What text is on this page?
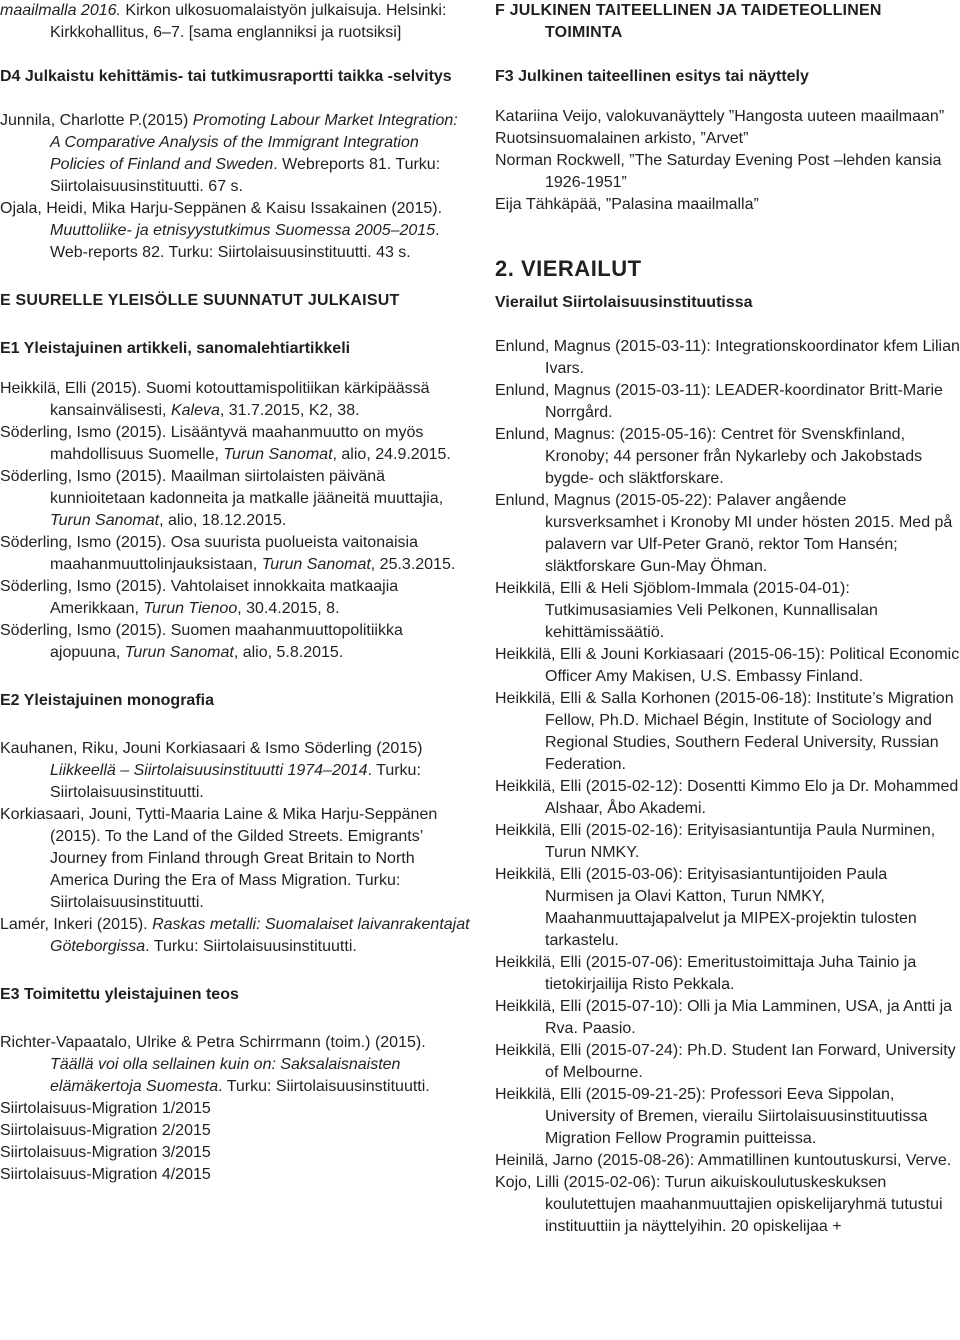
maailmalla 2016. Kirkon ulkosuomalaistyön julkaisuja. Helsinki: Kirkkohallitus, 6–7. [sama englanniksi ja ruotsiksi]
D4 Julkaistu kehittämis- tai tutkimusraportti taikka -selvitys
Junnila, Charlotte P.(2015) Promoting Labour Market Integration: A Comparative Analysis of the Immigrant Integration Policies of Finland and Sweden. Webreports 81. Turku: Siirtolaisuusinstituutti. 67 s.
Ojala, Heidi, Mika Harju-Seppänen & Kaisu Issakainen (2015). Muuttoliike- ja etnisyystutkimus Suomessa 2005‒2015. Web-reports 82. Turku: Siirtolaisuusinstituutti. 43 s.
E SUURELLE YLEISÖLLE SUUNNATUT JULKAISUT
E1 Yleistajuinen artikkeli, sanomalehtiartikkeli
Heikkilä, Elli (2015). Suomi kotouttamispolitiikan kärkipäässä kansainvälisesti, Kaleva, 31.7.2015, K2, 38.
Söderling, Ismo (2015). Lisääntyvä maahanmuutto on myös mahdollisuus Suomelle, Turun Sanomat, alio, 24.9.2015.
Söderling, Ismo (2015). Maailman siirtolaisten päivänä kunnioitetaan kadonneita ja matkalle jääneitä muuttajia, Turun Sanomat, alio, 18.12.2015.
Söderling, Ismo (2015). Osa suurista puolueista vaitonaisia maahanmuuttolinjauksistaan, Turun Sanomat, 25.3.2015.
Söderling, Ismo (2015). Vahtolaiset innokkaita matkaajia Amerikkaan, Turun Tienoo, 30.4.2015, 8.
Söderling, Ismo (2015). Suomen maahanmuuttopolitiikka ajopuuna, Turun Sanomat, alio, 5.8.2015.
E2 Yleistajuinen monografia
Kauhanen, Riku, Jouni Korkiasaari & Ismo Söderling (2015) Liikkeellä ‒ Siirtolaisuusinstituutti 1974‒2014. Turku: Siirtolaisuusinstituutti.
Korkiasaari, Jouni, Tytti-Maaria Laine & Mika Harju-Seppänen (2015). To the Land of the Gilded Streets. Emigrants’ Journey from Finland through Great Britain to North America During the Era of Mass Migration. Turku: Siirtolaisuusinstituutti.
Lamér, Inkeri (2015). Raskas metalli: Suomalaiset laivanrakentajat Göteborgissa. Turku: Siirtolaisuusinstituutti.
E3 Toimitettu yleistajuinen teos
Richter-Vapaatalo, Ulrike & Petra Schirrmann (toim.) (2015). Täällä voi olla sellainen kuin on: Saksalaisnaisten elämäkertoja Suomesta. Turku: Siirtolaisuusinstituutti.
Siirtolaisuus-Migration 1/2015
Siirtolaisuus-Migration 2/2015
Siirtolaisuus-Migration 3/2015
Siirtolaisuus-Migration 4/2015
F JULKINEN TAITEELLINEN JA TAIDETEOLLINEN TOIMINTA
F3 Julkinen taiteellinen esitys tai näyttely
Katariina Veijo, valokuvanäyttely ”Hangosta uuteen maailmaan”
Ruotsinsuomalainen arkisto, ”Arvet”
Norman Rockwell, ”The Saturday Evening Post ‒lehden kansia 1926-1951”
Eija Tähkäpää, ”Palasina maailmalla”
2. VIERAILUT
Vierailut Siirtolaisuusinstituutissa
Enlund, Magnus (2015-03-11): Integrationskoordinator kfem Lilian Ivars.
Enlund, Magnus (2015-03-11): LEADER-koordinator Britt-Marie Norrgård.
Enlund, Magnus: (2015-05-16): Centret för Svenskfinland, Kronoby; 44 personer från Nykarleby och Jakobstads bygde- och släktforskare.
Enlund, Magnus (2015-05-22): Palaver angående kursverksamhet i Kronoby MI under hösten 2015. Med på palavern var Ulf-Peter Granö, rektor Tom Hansén; släktforskare Gun-May Öhman.
Heikkilä, Elli & Heli Sjöblom-Immala (2015-04-01): Tutkimusasiamies Veli Pelkonen, Kunnallisalan kehittämissäätiö.
Heikkilä, Elli & Jouni Korkiasaari (2015-06-15): Political Economic Officer Amy Makisen, U.S. Embassy Finland.
Heikkilä, Elli & Salla Korhonen (2015-06-18): Institute’s Migration Fellow, Ph.D. Michael Bégin, Institute of Sociology and Regional Studies, Southern Federal University, Russian Federation.
Heikkilä, Elli (2015-02-12): Dosentti Kimmo Elo ja Dr. Mohammed Alshaar, Åbo Akademi.
Heikkilä, Elli (2015-02-16): Erityisasiantuntija Paula Nurminen, Turun NMKY.
Heikkilä, Elli (2015-03-06): Erityisasiantuntijoiden Paula Nurmisen ja Olavi Katton, Turun NMKY, Maahanmuuttajapalvelut ja MIPEX-projektin tulosten tarkastelu.
Heikkilä, Elli (2015-07-06): Emeritustoimittaja Juha Tainio ja tietokirjailija Risto Pekkala.
Heikkilä, Elli (2015-07-10): Olli ja Mia Lamminen, USA, ja Antti ja Rva. Paasio.
Heikkilä, Elli (2015-07-24): Ph.D. Student Ian Forward, University of Melbourne.
Heikkilä, Elli (2015-09-21-25): Professori Eeva Sippolan, University of Bremen, vierailu Siirtolaisuusinstituutissa Migration Fellow Programin puitteissa.
Heinilä, Jarno (2015-08-26): Ammatillinen kuntoutuskursi, Verve.
Kojo, Lilli (2015-02-06): Turun aikuiskoulutuskeskuksen koulutettujen maahanmuuttajien opiskelijaryhmä tutustui instituuttiin ja näyttelyihin. 20 opiskelijaa +
